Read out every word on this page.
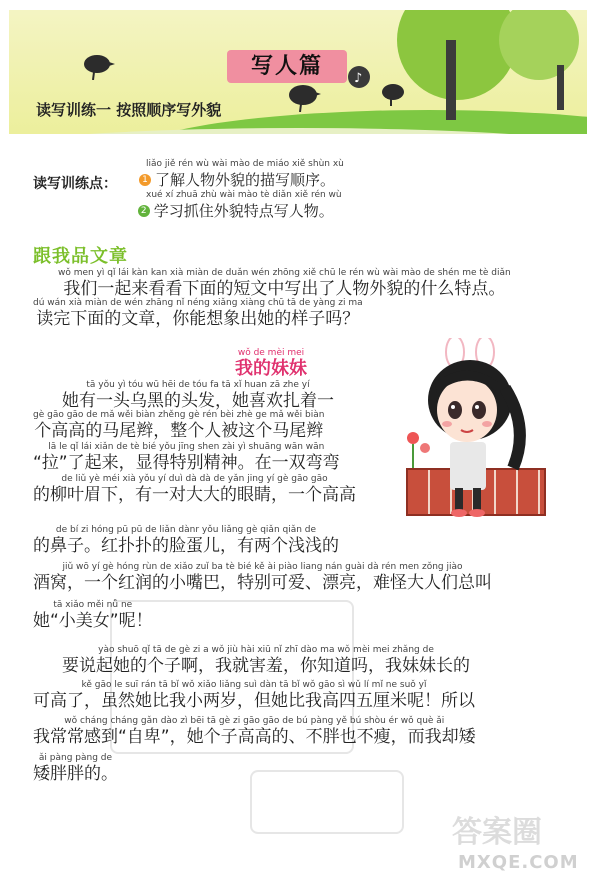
♪
写人篇
读写训练一 按照顺序写外貌
读写训练点：
liǎo jiě rén wù wài mào de miáo xiě shùn xù
1 了解人物外貌的描写顺序。
xué xí zhuā zhù wài mào tè diǎn xiě rén wù
2 学习抓住外貌特点写人物。
跟我品文章
wǒ men yì qǐ lái kàn kan xià miàn de duǎn wén zhōng xiě chū le rén wù wài mào de shén me tè diǎn
我们一起来看看下面的短文中写出了人物外貌的什么特点。
dú wán xià miàn de wén zhāng nǐ néng xiǎng xiàng chū tā de yàng zi ma
读完下面的文章，你能想象出她的样子吗？
wǒ de mèi mei
我的妹妹
tā yǒu yì tóu wū hēi de tóu fa tā xǐ huan zā zhe yí
她有一头乌黑的头发，她喜欢扎着一
gè gāo gāo de mǎ wěi biàn zhěng gè rén bèi zhè ge mǎ wěi biàn
个高高的马尾辫，整个人被这个马尾辫
lā le qǐ lái xiǎn de tè bié yǒu jīng shen zài yì shuāng wān wān
“拉”了起来，显得特别精神。在一双弯弯
de liǔ yè méi xià yǒu yí duì dà dà de yǎn jing yí gè gāo gāo
的柳叶眉下，有一对大大的眼睛，一个高高
de bí zi hóng pū pū de liǎn dànr yǒu liǎng gè qiǎn qiǎn de
的鼻子。红扑扑的脸蛋儿，有两个浅浅的
jiǔ wō yí gè hóng rùn de xiǎo zuǐ ba tè bié kě ài piào liang nán guài dà rén men zǒng jiào
酒窝，一个红润的小嘴巴，特别可爱、漂亮，难怪大人们总叫
tā xiǎo měi nǚ ne
她“小美女”呢！
yào shuō qǐ tā de gè zi a wǒ jiù hài xiū nǐ zhī dào ma wǒ mèi mei zhǎng de
要说起她的个子啊，我就害羞，你知道吗，我妹妹长的
kě gāo le suī rán tā bǐ wǒ xiǎo liǎng suì dàn tā bǐ wǒ gāo sì wǔ lí mǐ ne suǒ yǐ
可高了，虽然她比我小两岁，但她比我高四五厘米呢！所以
wǒ cháng cháng gǎn dào zì bēi tā gè zi gāo gāo de bú pàng yě bú shòu ér wǒ què ǎi
我常常感到“自卑”，她个子高高的、不胖也不瘦，而我却矮
ǎi pàng pàng de
矮胖胖的。
答案圈
MXQE.COM
